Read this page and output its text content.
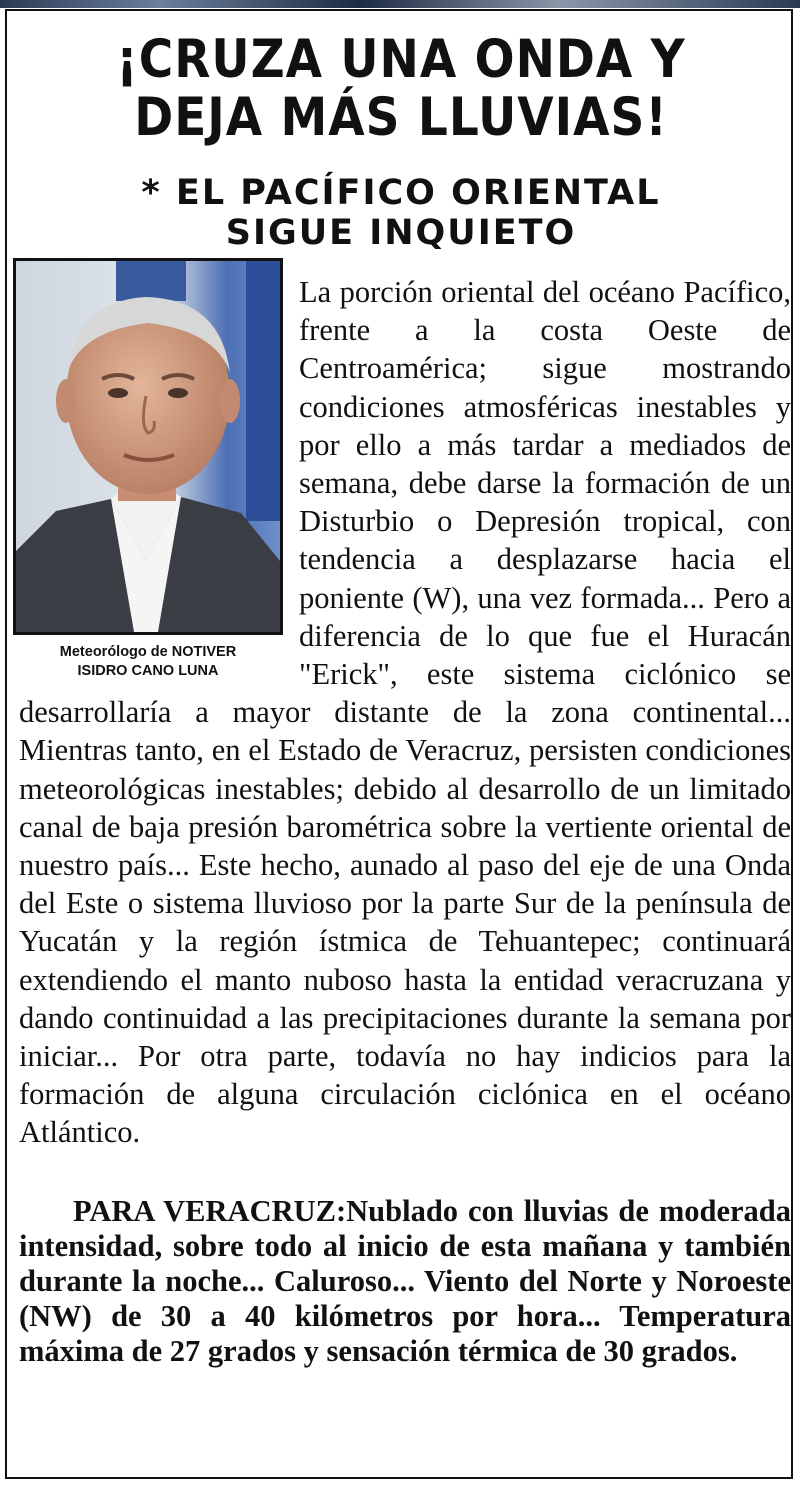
¡CRUZA UNA ONDA Y
DEJA MÁS LLUVIAS!
* EL PACÍFICO ORIENTAL
SIGUE INQUIETO

Meteorólogo de NOTIVER
ISIDRO CANO LUNA

La porción oriental del océano Pacífico, frente a la costa Oeste de Centroamérica; sigue mostrando condiciones atmosféricas inestables y por ello a más tardar a mediados de semana, debe darse la formación de un Disturbio o Depresión tropical, con tendencia a desplazarse hacia el poniente (W), una vez formada... Pero a diferencia de lo que fue el Huracán "Erick", este sistema ciclónico se desarrollaría a mayor distante de la zona continental... Mientras tanto, en el Estado de Veracruz, persisten condiciones meteorológicas inestables; debido al desarrollo de un limitado canal de baja presión barométrica sobre la vertiente oriental de nuestro país... Este hecho, aunado al paso del eje de una Onda del Este o sistema lluvioso por la parte Sur de la península de Yucatán y la región ístmica de Tehuantepec; continuará extendiendo el manto nuboso hasta la entidad veracruzana y dando continuidad a las precipitaciones durante la semana por iniciar... Por otra parte, todavía no hay indicios para la formación de alguna circulación ciclónica en el océano Atlántico.

PARA VERACRUZ:Nublado con lluvias de moderada intensidad, sobre todo al inicio de esta mañana y también durante la noche... Caluroso... Viento del Norte y Noroeste (NW) de 30 a 40 kilómetros por hora... Temperatura máxima de 27 grados y sensación térmica de 30 grados.
